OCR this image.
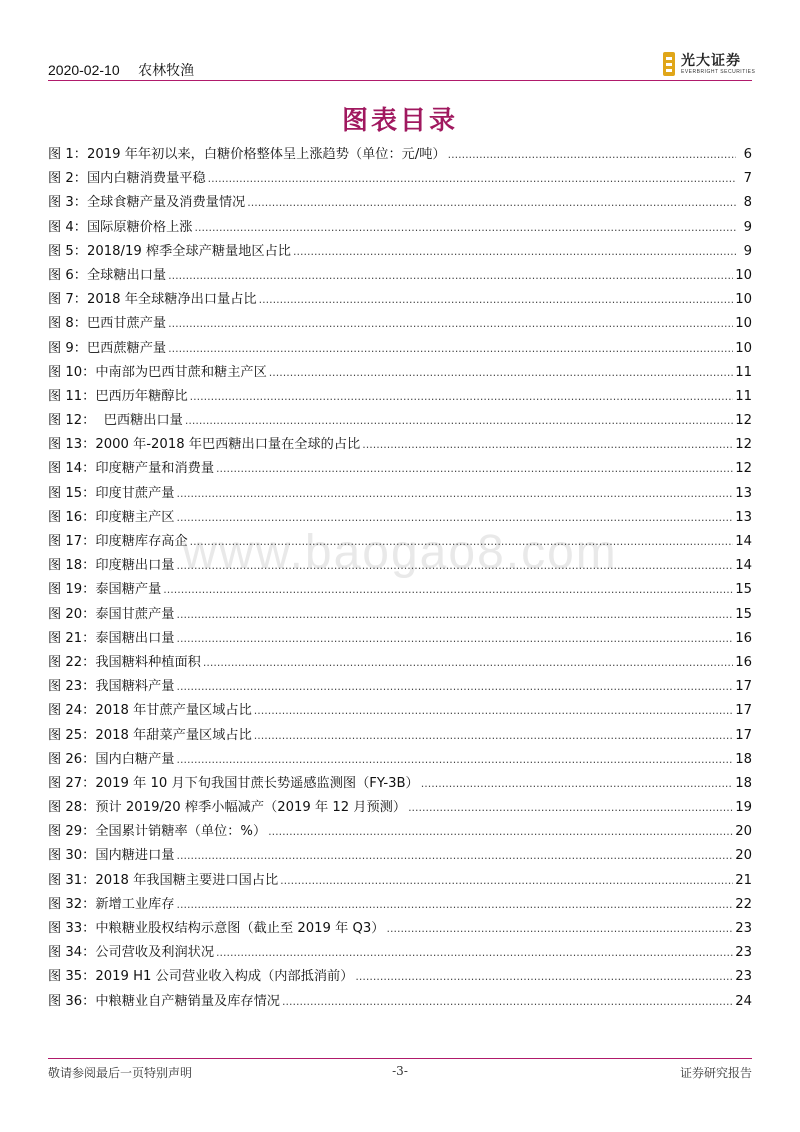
2020-02-10 农林牧渔
光大证券
EVERBRIGHT SECURITIES
图表目录
www.baogao8.com
图 1：2019 年年初以来，白糖价格整体呈上涨趋势（单位：元/吨） .....	6
图 2：国内白糖消费量平稳 .....	7
图 3：全球食糖产量及消费量情况 .....	8
图 4：国际原糖价格上涨 .....	9
图 5：2018/19 榨季全球产糖量地区占比 .....	9
图 6：全球糖出口量 .....	10
图 7：2018 年全球糖净出口量占比 .....	10
图 8：巴西甘蔗产量 .....	10
图 9：巴西蔗糖产量 .....	10
图 10：中南部为巴西甘蔗和糖主产区 .....	11
图 11：巴西历年糖醇比 .....	11
图 12：  巴西糖出口量 .....	12
图 13：2000 年-2018 年巴西糖出口量在全球的占比 .....	12
图 14：印度糖产量和消费量 .....	12
图 15：印度甘蔗产量 .....	13
图 16：印度糖主产区 .....	13
图 17：印度糖库存高企 .....	14
图 18：印度糖出口量 .....	14
图 19：泰国糖产量 .....	15
图 20：泰国甘蔗产量 .....	15
图 21：泰国糖出口量 .....	16
图 22：我国糖料种植面积 .....	16
图 23：我国糖料产量 .....	17
图 24：2018 年甘蔗产量区域占比 .....	17
图 25：2018 年甜菜产量区域占比 .....	17
图 26：国内白糖产量 .....	18
图 27：2019 年 10 月下旬我国甘蔗长势遥感监测图（FY-3B） .....	18
图 28：预计 2019/20 榨季小幅减产（2019 年 12 月预测） .....	19
图 29：全国累计销糖率（单位：%） .....	20
图 30：国内糖进口量 .....	20
图 31：2018 年我国糖主要进口国占比 .....	21
图 32：新增工业库存 .....	22
图 33：中粮糖业股权结构示意图（截止至 2019 年 Q3） .....	23
图 34：公司营收及利润状况 .....	23
图 35：2019 H1 公司营业收入构成（内部抵消前） .....	23
图 36：中粮糖业自产糖销量及库存情况 .....	24
敬请参阅最后一页特别声明	-3-	证券研究报告
